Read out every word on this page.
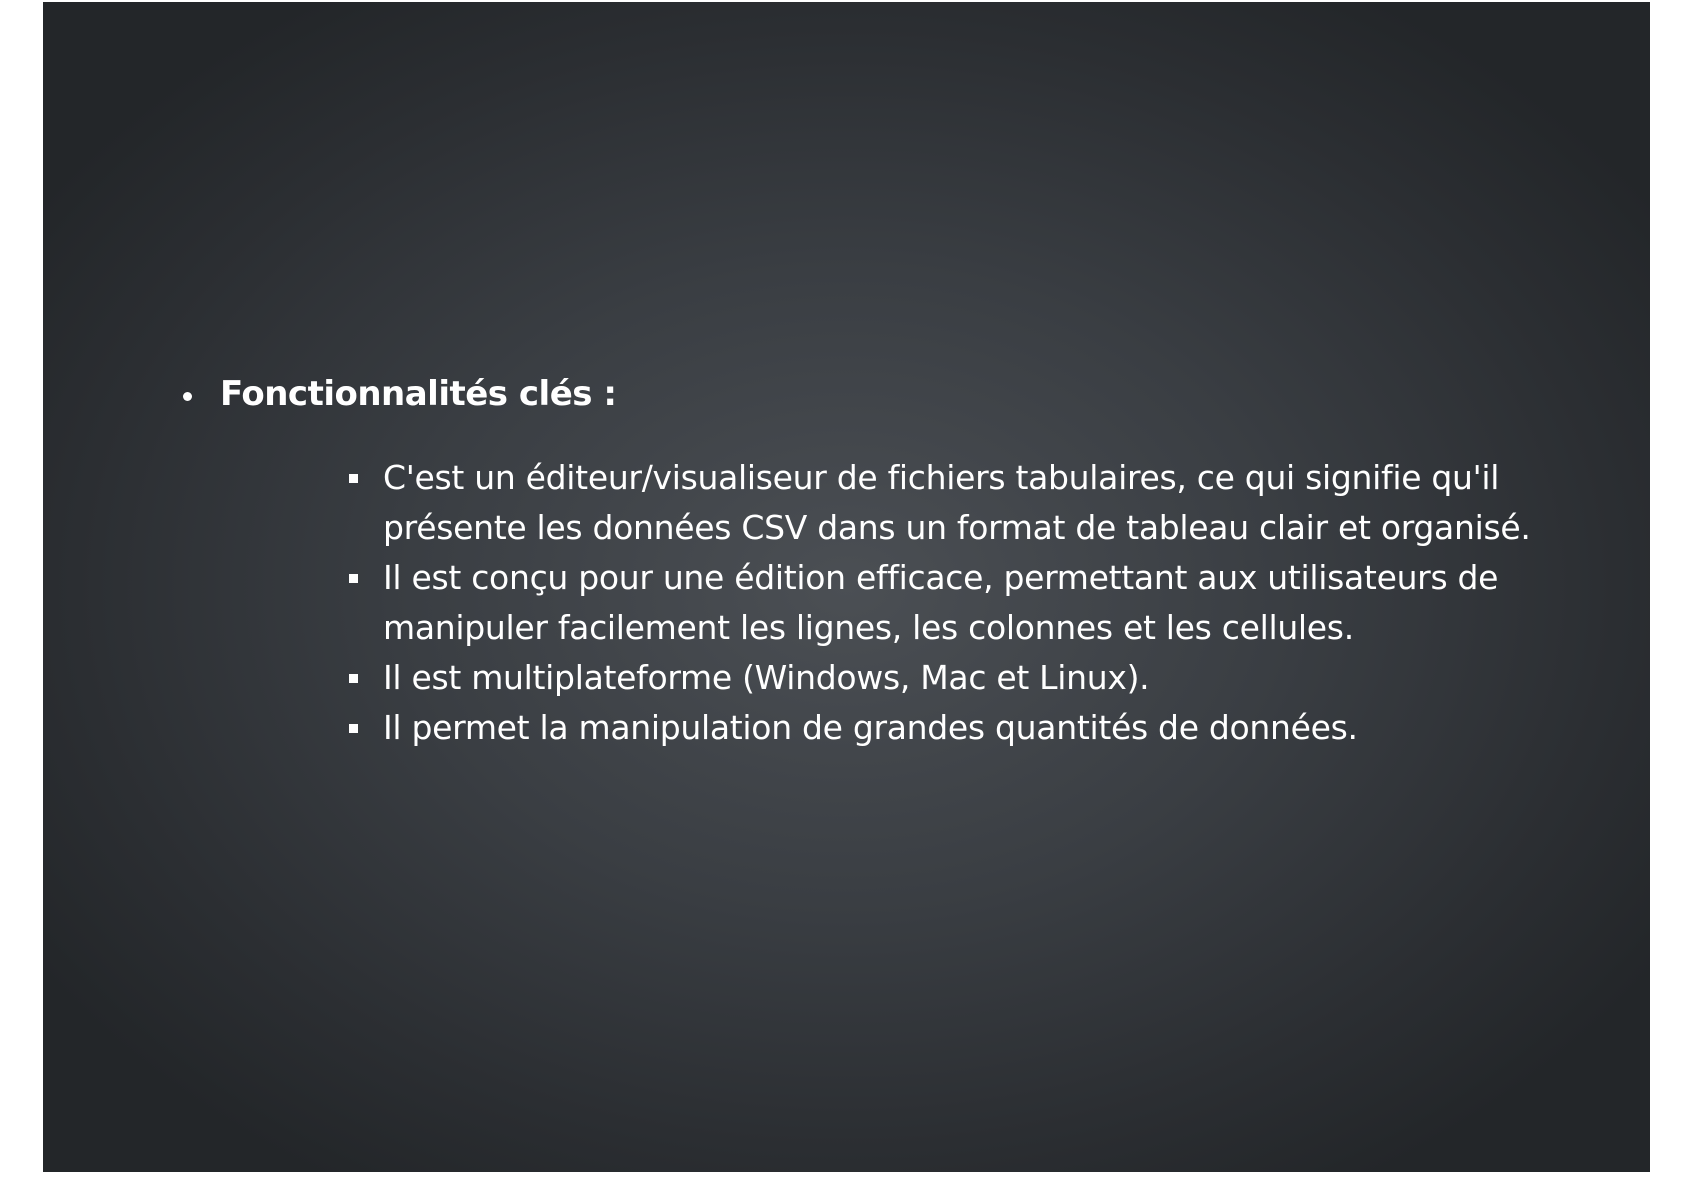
Fonctionnalités clés :
C'est un éditeur/visualiseur de fichiers tabulaires, ce qui signifie qu'il présente les données CSV dans un format de tableau clair et organisé.
Il est conçu pour une édition efficace, permettant aux utilisateurs de manipuler facilement les lignes, les colonnes et les cellules.
Il est multiplateforme (Windows, Mac et Linux).
Il permet la manipulation de grandes quantités de données.
